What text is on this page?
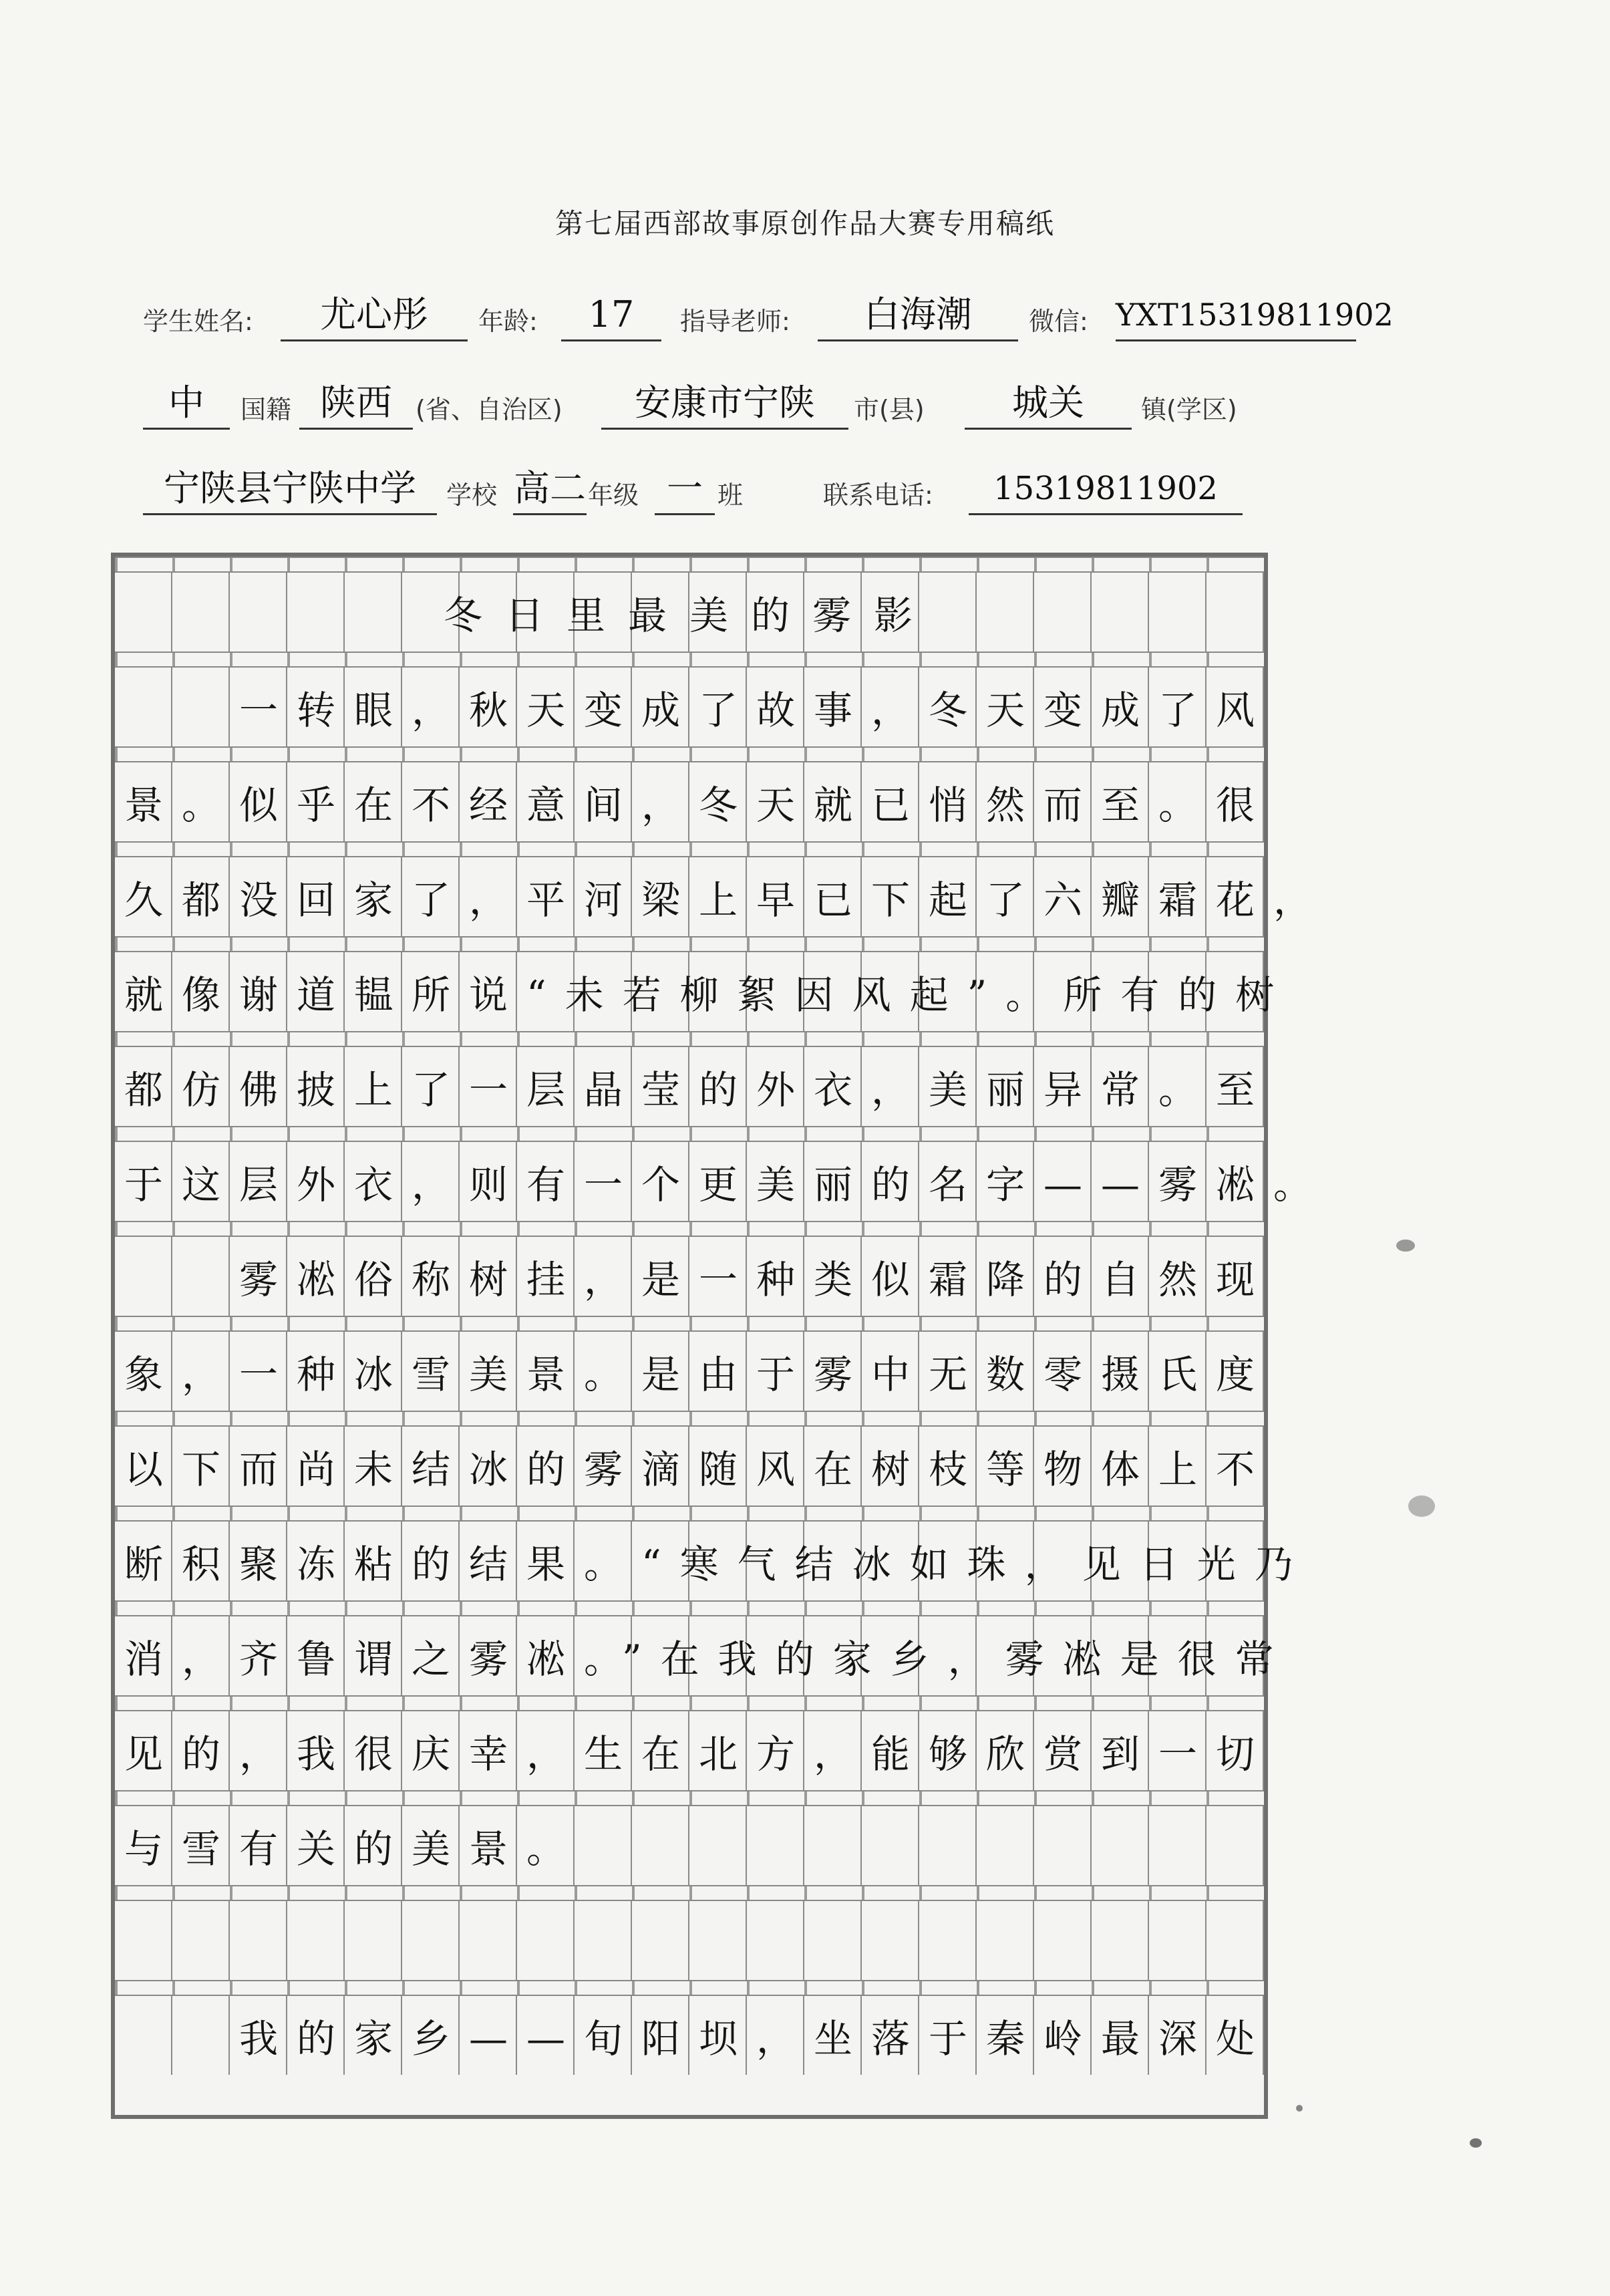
第七届西部故事原创作品大赛专用稿纸
学生姓名:	尤心彤	年龄:	17	指导老师:	白海潮	微信: YXT15319811902
中	国籍 陕西 (省、自治区)	安康市宁陕	市(县)	城关	镇(学区)
宁陕县宁陕中学	学校 高二 年级 一 班	联系电话:	15319811902
冬日里最美的雾影
　　一转眼，秋天变成了故事，冬天变成了风
景。似乎在不经意间，冬天就已悄然而至。很
久都没回家了，平河梁上早已下起了六瓣霜花，
就像谢道韫所说“未若柳絮因风起”。所有的树
都仿佛披上了一层晶莹的外衣，美丽异常。至
于这层外衣，则有一个更美丽的名字——雾凇。
　　雾凇俗称树挂，是一种类似霜降的自然现
象，一种冰雪美景。是由于雾中无数零摄氏度
以下而尚未结冰的雾滴随风在树枝等物体上不
断积聚冻粘的结果。“寒气结冰如珠，见日光乃
消，齐鲁谓之雾凇。”在我的家乡，雾凇是很常
见的，我很庆幸，生在北方，能够欣赏到一切
与雪有关的美景。
　　我的家乡——旬阳坝，坐落于秦岭最深处
